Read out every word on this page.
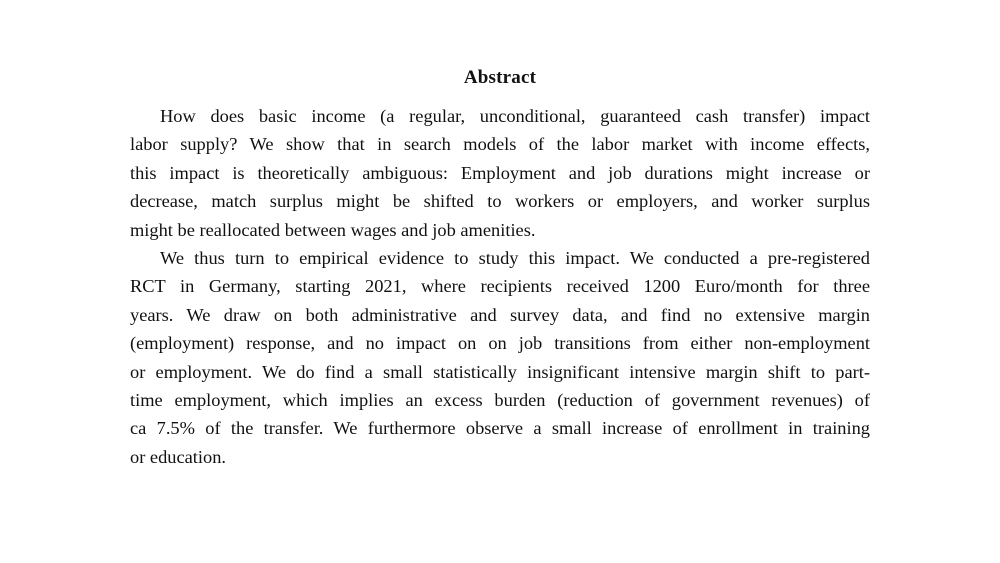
Abstract
How does basic income (a regular, unconditional, guaranteed cash transfer) impact
labor supply? We show that in search models of the labor market with income effects,
this impact is theoretically ambiguous: Employment and job durations might increase or
decrease, match surplus might be shifted to workers or employers, and worker surplus
might be reallocated between wages and job amenities.
We thus turn to empirical evidence to study this impact. We conducted a pre-registered
RCT in Germany, starting 2021, where recipients received 1200 Euro/month for three
years. We draw on both administrative and survey data, and find no extensive margin
(employment) response, and no impact on on job transitions from either non-employment
or employment. We do find a small statistically insignificant intensive margin shift to part-
time employment, which implies an excess burden (reduction of government revenues) of
ca 7.5% of the transfer. We furthermore observe a small increase of enrollment in training
or education.
